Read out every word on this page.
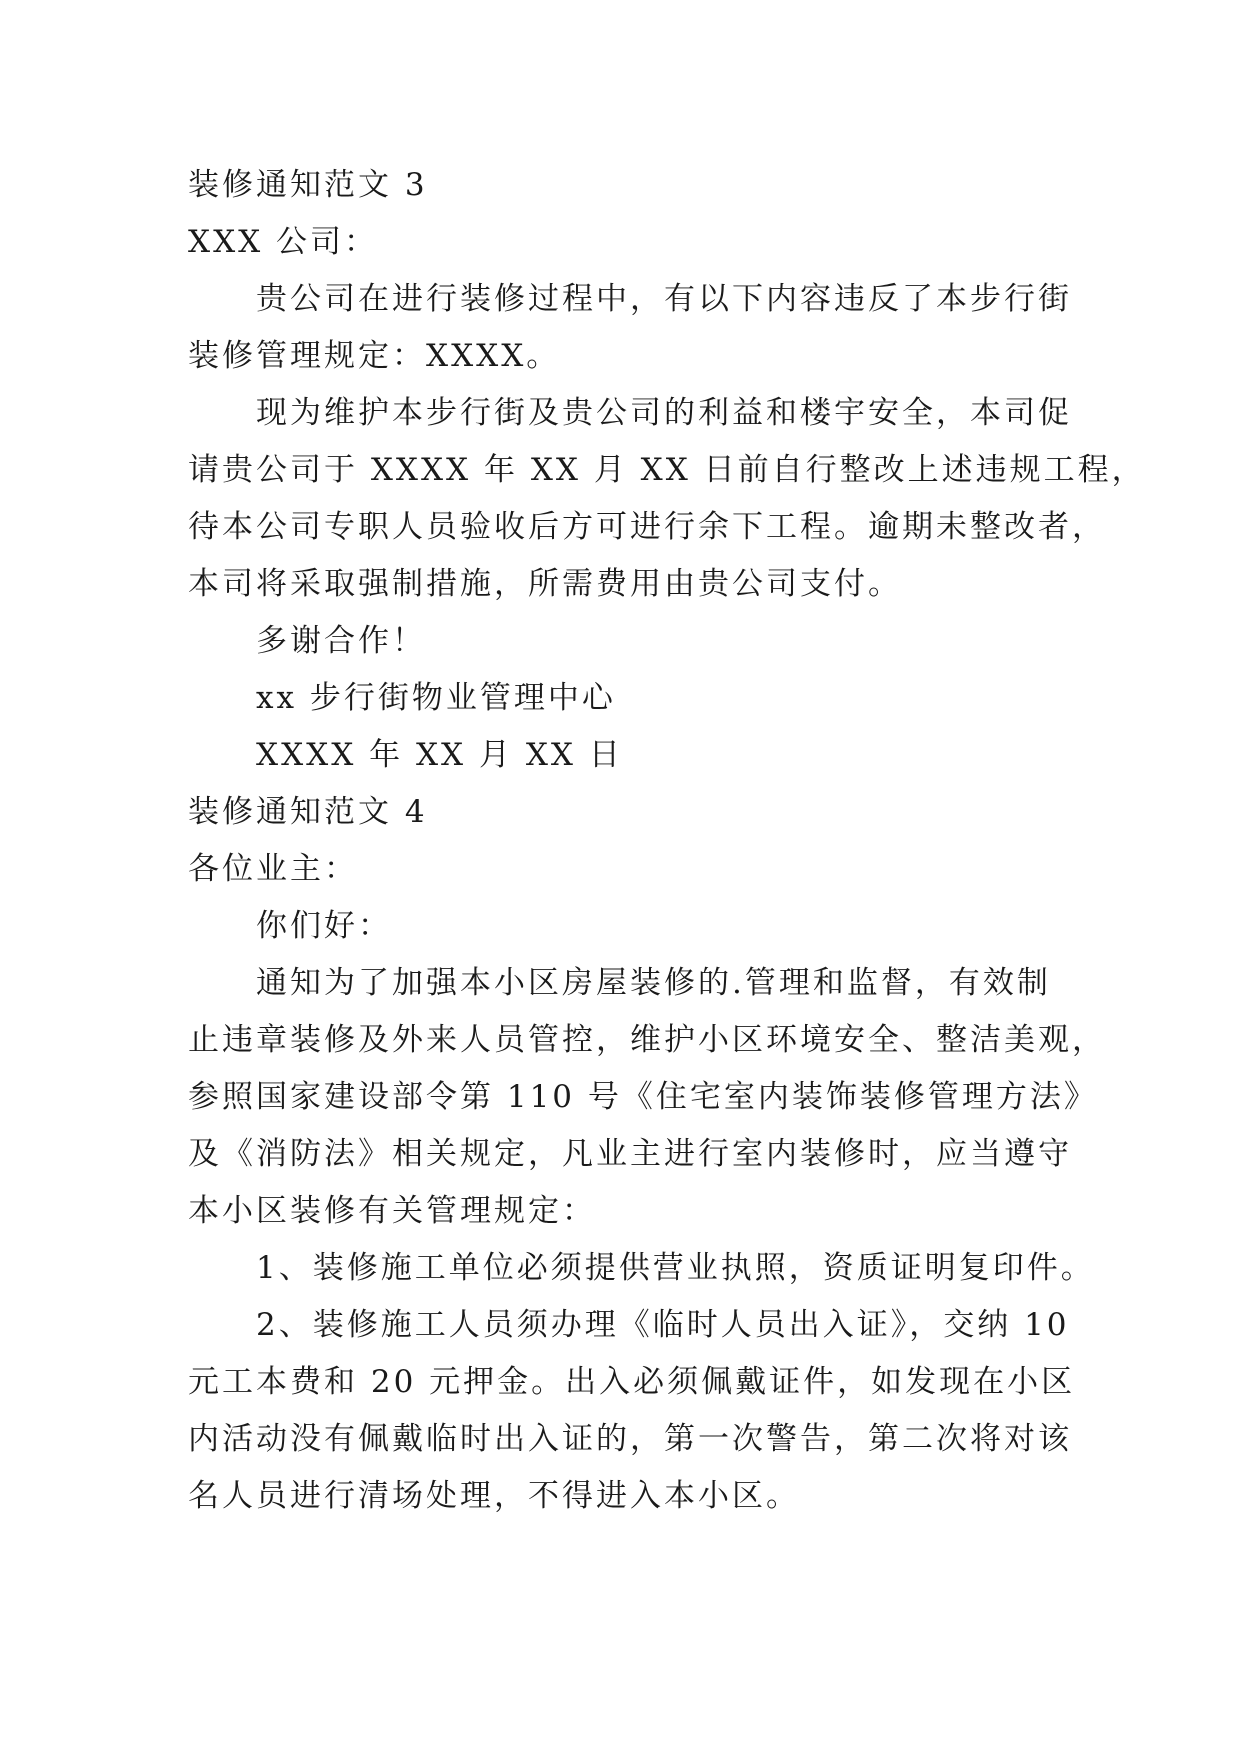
装修通知范文 3
XXX 公司：
贵公司在进行装修过程中，有以下内容违反了本步行街
装修管理规定：XXXX。
现为维护本步行街及贵公司的利益和楼宇安全，本司促
请贵公司于 XXXX 年 XX 月 XX 日前自行整改上述违规工程，
待本公司专职人员验收后方可进行余下工程。逾期未整改者，
本司将采取强制措施，所需费用由贵公司支付。
多谢合作！
xx 步行街物业管理中心
XXXX 年 XX 月 XX 日
装修通知范文 4
各位业主：
你们好：
通知为了加强本小区房屋装修的.管理和监督，有效制
止违章装修及外来人员管控，维护小区环境安全、整洁美观，
参照国家建设部令第 110 号《住宅室内装饰装修管理方法》
及《消防法》相关规定，凡业主进行室内装修时，应当遵守
本小区装修有关管理规定：
1、装修施工单位必须提供营业执照，资质证明复印件。
2、装修施工人员须办理《临时人员出入证》，交纳 10
元工本费和 20 元押金。出入必须佩戴证件，如发现在小区
内活动没有佩戴临时出入证的，第一次警告，第二次将对该
名人员进行清场处理，不得进入本小区。
